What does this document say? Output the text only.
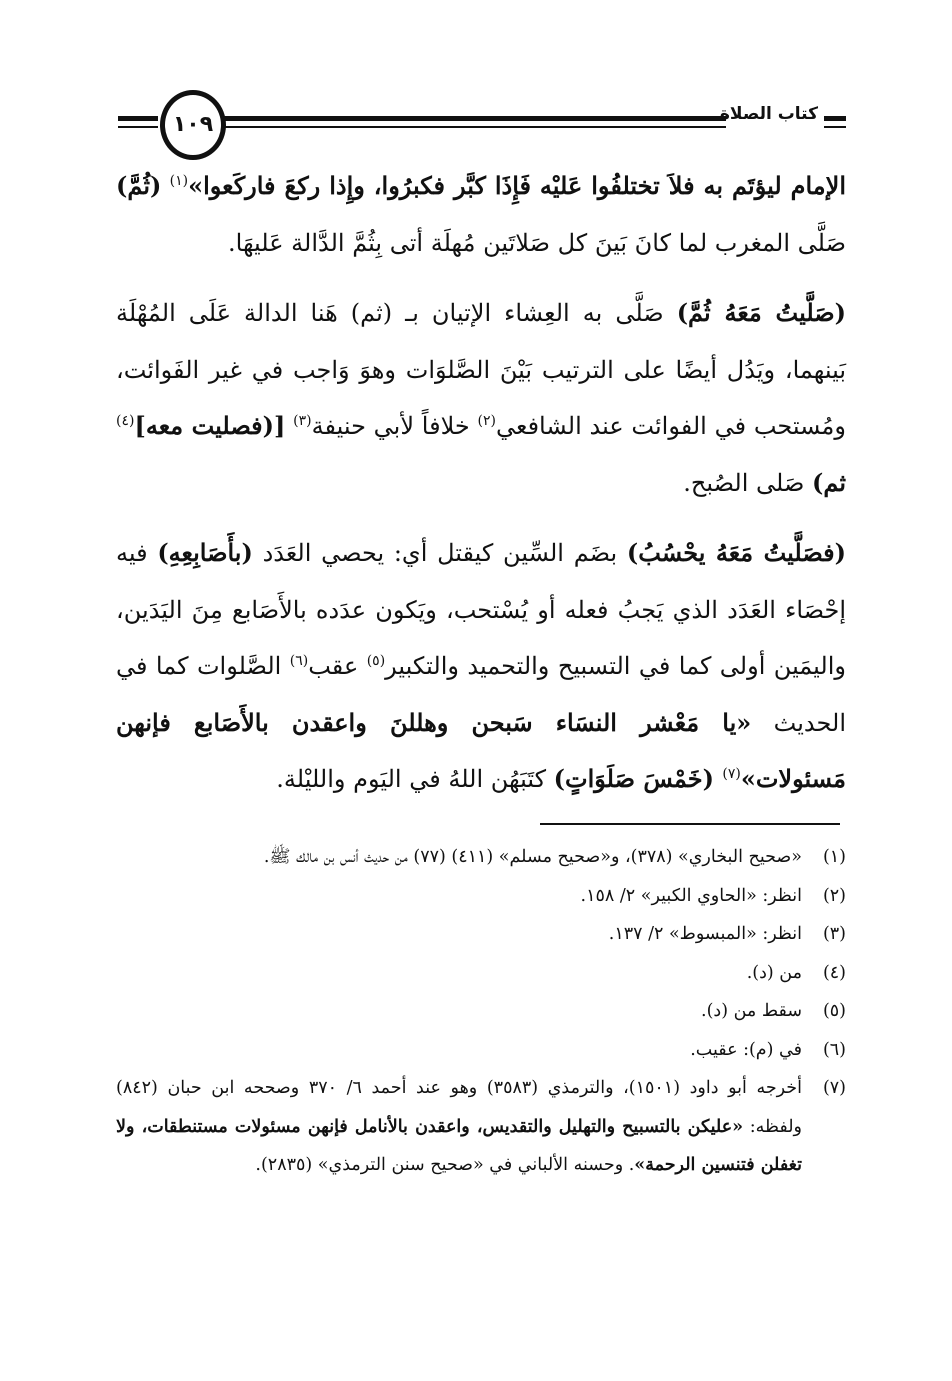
كتاب الصلاة
١٠٩

الإمام ليؤتَم به فلاَ تختلفُوا عَليْه فَإِذَا كبَّر فكبرُوا، وإِذا ركعَ فاركَعوا»$^{(١)}$ (ثُمَّ) صَلَّى المغرب لما كانَ بَينَ كل صَلاتَين مُهلَة أتى بِثُمَّ الدَّالة عَليهَا.

(صَلَّيتُ مَعَهُ ثُمَّ) صَلَّى به العِشاء الإتيان بـ (ثم) هَنا الدالة عَلَى المُهْلَة بَينهما، ويَدُل أيضًا على الترتيب بَيْنَ الصَّلوَات وهوَ وَاجب في غير الفَوائت، ومُستحب في الفوائت عند الشافعي$^{(٢)}$ خلافاً لأبي حنيفة$^{(٣)}$ [(فصليت معه]$^{(٤)}$ ثم) صَلى الصُبح.

(فصَلَّيتُ مَعَهُ يحْسُبُ) بضَم السِّين كيقتل أي: يحصي العَدَد (بأَصَابِعِهِ) فيه إحْصَاء العَدَد الذي يَجبُ فعله أو يُسْتحب، ويَكون عدَده بالأَصَابع مِنَ اليَدَين، واليمَين أولى كما في التسبيح والتحميد والتكبير$^{(٥)}$ عقب$^{(٦)}$ الصَّلوات كما في الحديث «يا مَعْشر النسَاء سَبحن وهللنَ واعقدن بالأَصَابع فإنهن مَسئولات»$^{(٧)}$ (خَمْسَ صَلَوَاتٍ) كتَبَهُن اللهُ في اليَوم والليْلة.

(١)
«صحيح البخاري» (٣٧٨)، و«صحيح مسلم» (٤١١) (٧٧) من حديث أنس بن مالك ﷺ.
(٢)
انظر: «الحاوي الكبير» ٢/ ١٥٨.
(٣)
انظر: «المبسوط» ٢/ ١٣٧.
(٤)
من (د).
(٥)
سقط من (د).
(٦)
في (م): عقيب.
(٧)
أخرجه أبو داود (١٥٠١)، والترمذي (٣٥٨٣) وهو عند أحمد ٦/ ٣٧٠ وصححه ابن حبان (٨٤٢) ولفظه: «عليكن بالتسبيح والتهليل والتقديس، واعقدن بالأنامل فإنهن مسئولات مستنطقات، ولا تغفلن فتنسين الرحمة». وحسنه الألباني في «صحيح سنن الترمذي» (٢٨٣٥).
